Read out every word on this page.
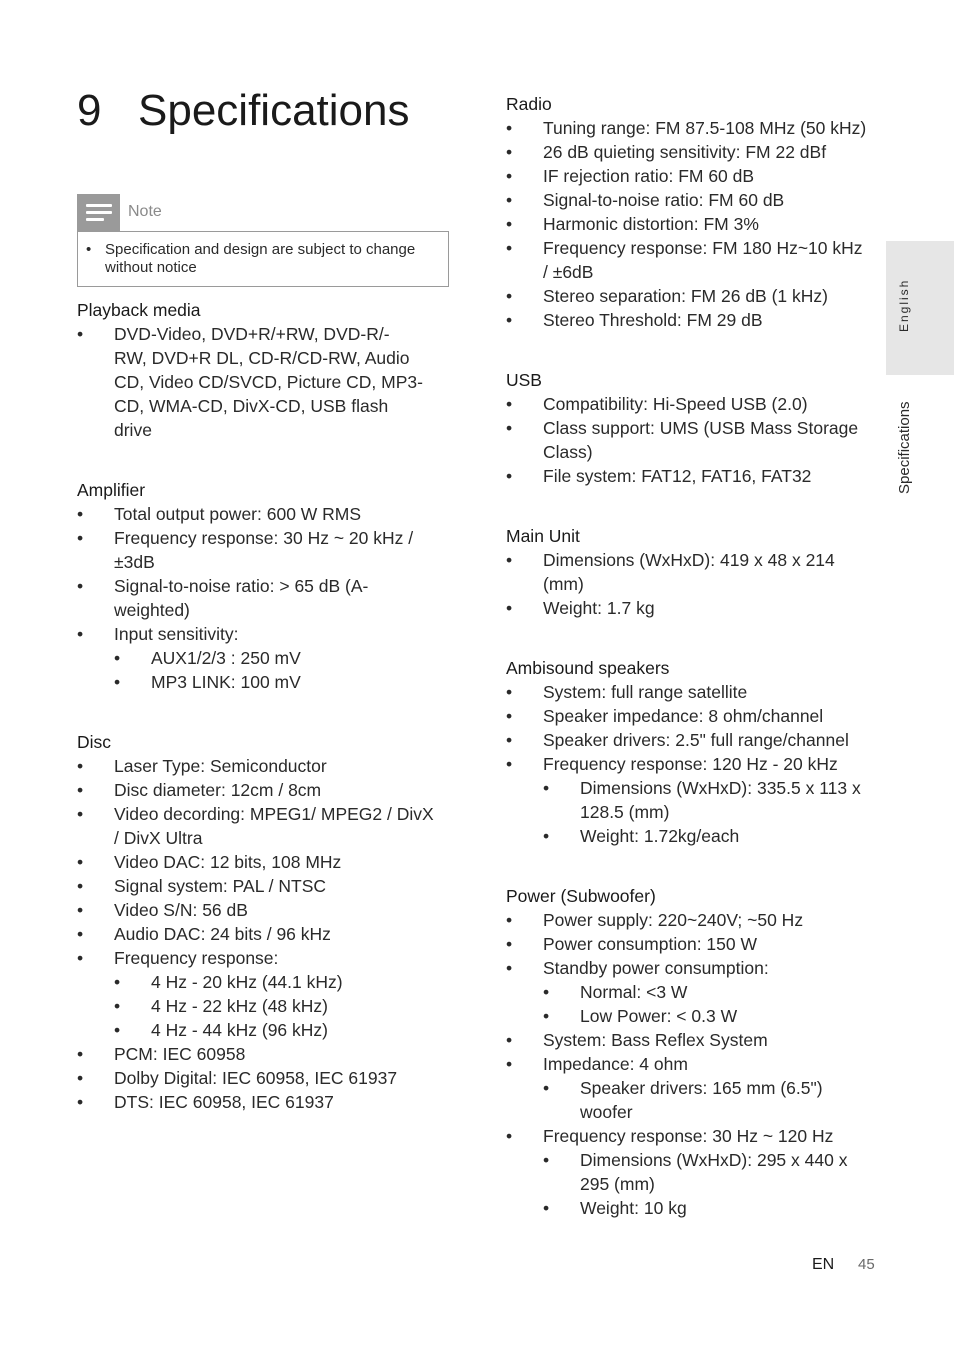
9 Specifications
Note
• Specification and design are subject to change
without notice
Playback media
•	DVD-Video, DVD+R/+RW, DVD-R/-
RW, DVD+R DL, CD-R/CD-RW, Audio
CD, Video CD/SVCD, Picture CD, MP3-
CD, WMA-CD, DivX-CD, USB flash
drive
Amplifier
•	Total output power: 600 W RMS
•	Frequency response: 30 Hz ~ 20 kHz /
±3dB
•	Signal-to-noise ratio: > 65 dB (A-
weighted)
•	Input sensitivity:
•	AUX1/2/3 : 250 mV
•	MP3 LINK: 100 mV
Disc
•	Laser Type: Semiconductor
•	Disc diameter: 12cm / 8cm
•	Video decording: MPEG1/ MPEG2 / DivX
/ DivX Ultra
•	Video DAC: 12 bits, 108 MHz
•	Signal system: PAL / NTSC
•	Video S/N: 56 dB
•	Audio DAC: 24 bits / 96 kHz
•	Frequency response:
•	4 Hz - 20 kHz (44.1 kHz)
•	4 Hz - 22 kHz (48 kHz)
•	4 Hz - 44 kHz (96 kHz)
•	PCM: IEC 60958
•	Dolby Digital: IEC 60958, IEC 61937
•	DTS: IEC 60958, IEC 61937
Radio
•	Tuning range: FM 87.5-108 MHz (50 kHz)
•	26 dB quieting sensitivity: FM 22 dBf
•	IF rejection ratio: FM 60 dB
•	Signal-to-noise ratio: FM 60 dB
•	Harmonic distortion: FM 3%
•	Frequency response: FM 180 Hz~10 kHz
/ ±6dB
•	Stereo separation: FM 26 dB (1 kHz)
•	Stereo Threshold: FM 29 dB
USB
•	Compatibility: Hi-Speed USB (2.0)
•	Class support: UMS (USB Mass Storage
Class)
•	File system: FAT12, FAT16, FAT32
Main Unit
•	Dimensions (WxHxD): 419 x 48 x 214
(mm)
•	Weight: 1.7 kg
Ambisound speakers
•	System: full range satellite
•	Speaker impedance: 8 ohm/channel
•	Speaker drivers: 2.5" full range/channel
•	Frequency response: 120 Hz - 20 kHz
•	Dimensions (WxHxD): 335.5 x 113 x
128.5 (mm)
•	Weight: 1.72kg/each
Power (Subwoofer)
•	Power supply: 220~240V; ~50 Hz
•	Power consumption: 150 W
•	Standby power consumption:
•	Normal: <3 W
•	Low Power: < 0.3 W
•	System: Bass Reflex System
•	Impedance: 4 ohm
•	Speaker drivers: 165 mm (6.5")
woofer
•	Frequency response: 30 Hz ~ 120 Hz
•	Dimensions (WxHxD): 295 x 440 x
295 (mm)
•	Weight: 10 kg
English
Specifications
EN 45
